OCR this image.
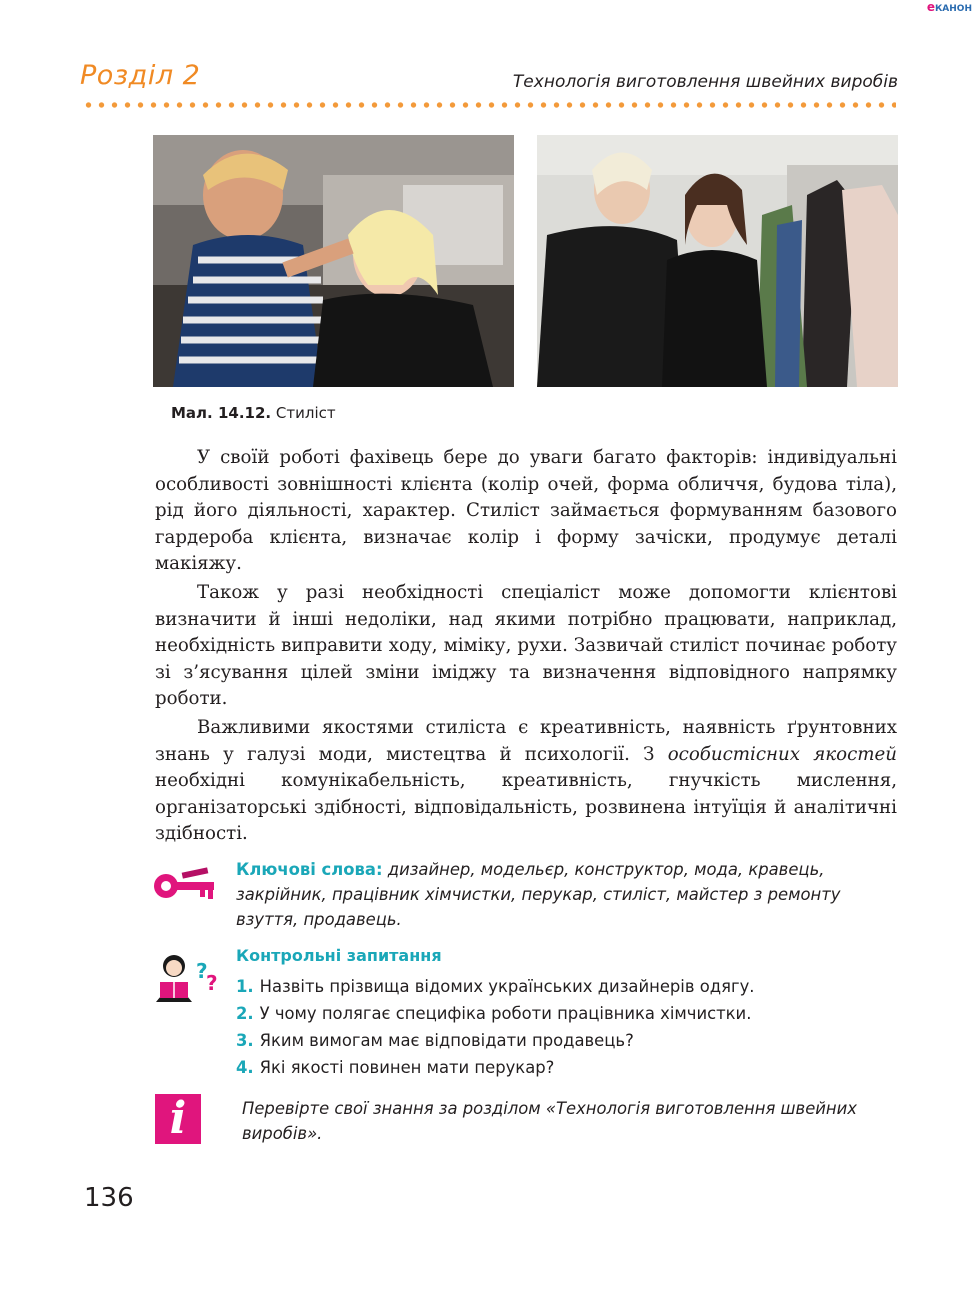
eКАНОН
Розділ 2	Технологія виготовлення швейних виробів
Мал. 14.12. Стиліст

У своїй роботі фахівець бере до уваги багато факторів: індивідуальні особливості зовнішності клієнта (колір очей, форма обличчя, будова тіла), рід його діяльності, характер. Стиліст займається формуванням базового гардероба клієнта, визначає колір і форму зачіски, продумує деталі макіяжу.

Також у разі необхідності спеціаліст може допомогти клієнтові визначити й інші недоліки, над якими потрібно працювати, наприклад, необхідність виправити ходу, міміку, рухи. Зазвичай стиліст починає роботу зі з’ясування цілей зміни іміджу та визначення відповідного напрямку роботи.

Важливими якостями стиліста є креативність, наявність ґрунтовних знань у галузі моди, мистецтва й психології. З особистісних якостей необхідні комунікабельність, креативність, гнучкість мислення, організаторські здібності, відповідальність, розвинена інтуїція й аналітичні здібності.

Ключові слова: дизайнер, модельєр, конструктор, мода, кравець, закрійник, працівник хімчистки, перукар, стиліст, майстер з ремонту взуття, продавець.
?
?
Контрольні запитання
1. Назвіть прізвища відомих українських дизайнерів одягу.
2. У чому полягає специфіка роботи працівника хімчистки.
3. Яким вимогам має відповідати продавець?
4. Які якості повинен мати перукар?
i	Перевірте свої знання за розділом «Технологія виготовлення швейних виробів».
136
